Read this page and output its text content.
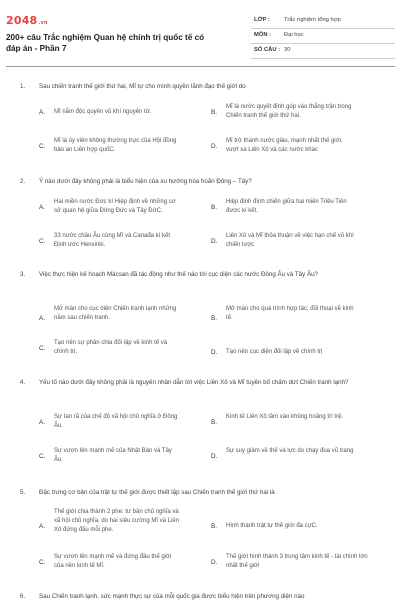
2048.vn
200+ câu Trắc nghiệm Quan hệ chính trị quốc tế có đáp án - Phần 7
LỚP : Trắc nghiệm tổng hợp
MÔN : Đại học
SỐ CÂU : 30
1. Sau chiến tranh thế giới thứ hai, Mĩ tự cho mình quyền lãnh đạo thế giới do
A. Mĩ nắm độc quyền vũ khí nguyên tử.	B.
Mĩ là nước quyết định góp vào thắng trận trong Chiến tranh thế giới thứ hai.
C.
Mĩ là ủy viên không thường trực của Hội đồng bảo an Liên hợp quốC.	D.
Mĩ trở thành nước giàu, mạnh nhất thế giới, vượt xa Liên Xô và các nước khác
2. Ý nào dưới đây không phải là biểu hiện của xu hướng hòa hoãn Đông – Tây?
A.
Hai miền nước Đức kí Hiệp định về những cơ sở quan hệ giữa Đông Đức và Tây ĐứC.	B.
Hiệp định đình chiến giữa hai miền Triều Tiên được kí kết.
C.
33 nước châu Âu cùng Mĩ và Canađa kí kết Định ước Henxinki.	D.
Liên Xô và Mĩ thỏa thuận về việc hạn chế vũ khí chiến lược
3. Việc thực hiện kế hoạch Mácsan đã tác động như thế nào tới cục diện các nước Đông Âu và Tây Âu?
A.
Mở màn cho cục diện Chiến tranh lạnh những năm sau chiến tranh.	B.
Mở màn cho quá trình hợp tác, đối thoại về kinh tế.
C.
Tạo nên sự phân chia đối lập về kinh tế và chính trị.	D. Tạo nên cục diện đối lập về chính trị
4. Yếu tố nào dưới đây không phải là nguyên nhân dẫn tới việc Liên Xô và Mĩ tuyên bố chấm dứt Chiến tranh lạnh?
A.
Sự tan rã của chế độ xã hội chủ nghĩa ở Đông Âu.	B.
Kinh tế Liên Xô lâm vào khủng hoảng trì trệ.
C.
Sự vươn lên mạnh mẽ của Nhật Bản và Tây Âu.	D.
Sự suy giảm về thế và lực do chạy đua vũ trang
5. Đặc trưng cơ bản của trật tự thế giới được thiết lập sau Chiến tranh thế giới thứ hai là
A.
Thế giới chia thành 2 phe: tư bản chủ nghĩa và xã hội chủ nghĩa, do hai siêu cường Mĩ và Liên Xô đứng đầu mỗi phe.	B. Hình thành trật tự thế giới đa cựC.
C.
Sự vươn lên mạnh mẽ và đứng đầu thế giới của nền kinh tế Mĩ.	D.
Thế giới hình thành 3 trung tâm kinh tế - tài chính lớn nhất thế giới
6. Sau Chiến tranh lạnh, sức mạnh thực sự của mỗi quốc gia được biểu hiện trên phương diện nào
